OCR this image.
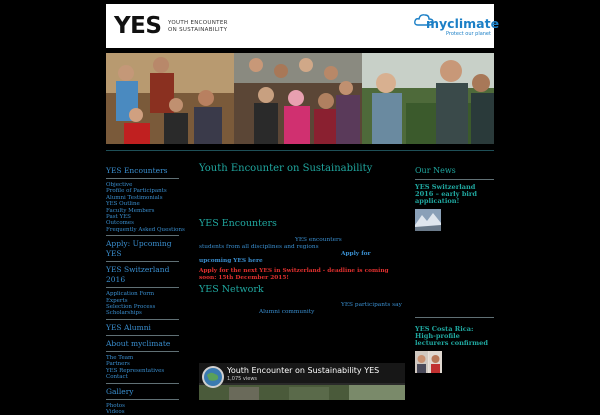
YES YOUTH ENCOUNTER
ON SUSTAINABILITY	myclimate
Protect our planet
YES Encounters
Objective
Profile of Participants
Alumni Testimonials
YES Outline
Faculty Members
Past YES
Outcomes
Frequently Asked Questions
Apply: Upcoming YES
YES Switzerland 2016
Application Form
Experts
Selection Process
Scholarships
YES Alumni
About myclimate
The Team
Partners
YES Representatives
Contact
Gallery
Photos
Videos
Youth Encounter on Sustainability
YES Encounters
YES encounters
students from all disciplines and regions
Apply for
upcoming YES here
Apply for the next YES in Switzerland - deadline is coming soon: 15th December 2015!
YES Network
YES participants say
Alumni community
Youth Encounter on Sustainability YES
1,075 views
Our News
YES Switzerland 2016 – early bird application!
YES Costa Rica: High-profile lecturers confirmed
